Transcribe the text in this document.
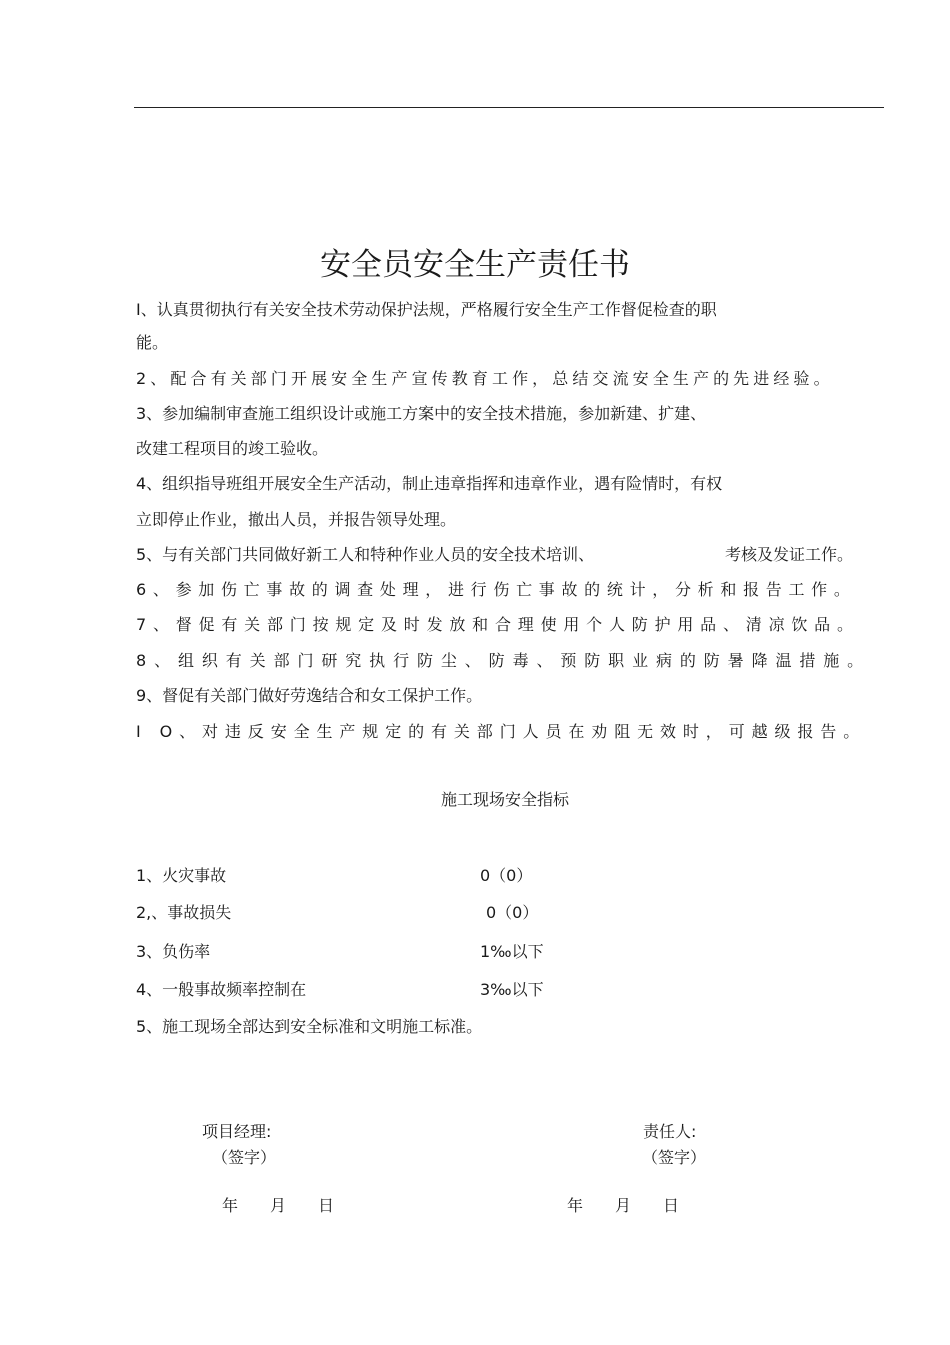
安全员安全生产责任书
I、认真贯彻执行有关安全技术劳动保护法规，严格履行安全生产工作督促检查的职
能。
2、配合有关部门开展安全生产宣传教育工作，总结交流安全生产的先进经验。
3、参加编制审查施工组织设计或施工方案中的安全技术措施，参加新建、扩建、
改建工程项目的竣工验收。
4、组织指导班组开展安全生产活动，制止违章指挥和违章作业，遇有险情时，有权
立即停止作业，撤出人员，并报告领导处理。
5、与有关部门共同做好新工人和特种作业人员的安全技术培训、	考核及发证工作。
6、参加伤亡事故的调查处理，进行伤亡事故的统计，分析和报告工作。
7、督促有关部门按规定及时发放和合理使用个人防护用品、清凉饮品。
8、组织有关部门研究执行防尘、防毒、预防职业病的防暑降温措施。
9、督促有关部门做好劳逸结合和女工保护工作。
I O、对违反安全生产规定的有关部门人员在劝阻无效时，可越级报告。
施工现场安全指标
1、火灾事故	0（0）
2,、事故损失	0（0）
3、负伤率	1‰以下
4、一般事故频率控制在	3‰以下
5、施工现场全部达到安全标准和文明施工标准。
项目经理:
（签字）
责任人:
（签字）
年 月 日	年 月 日
